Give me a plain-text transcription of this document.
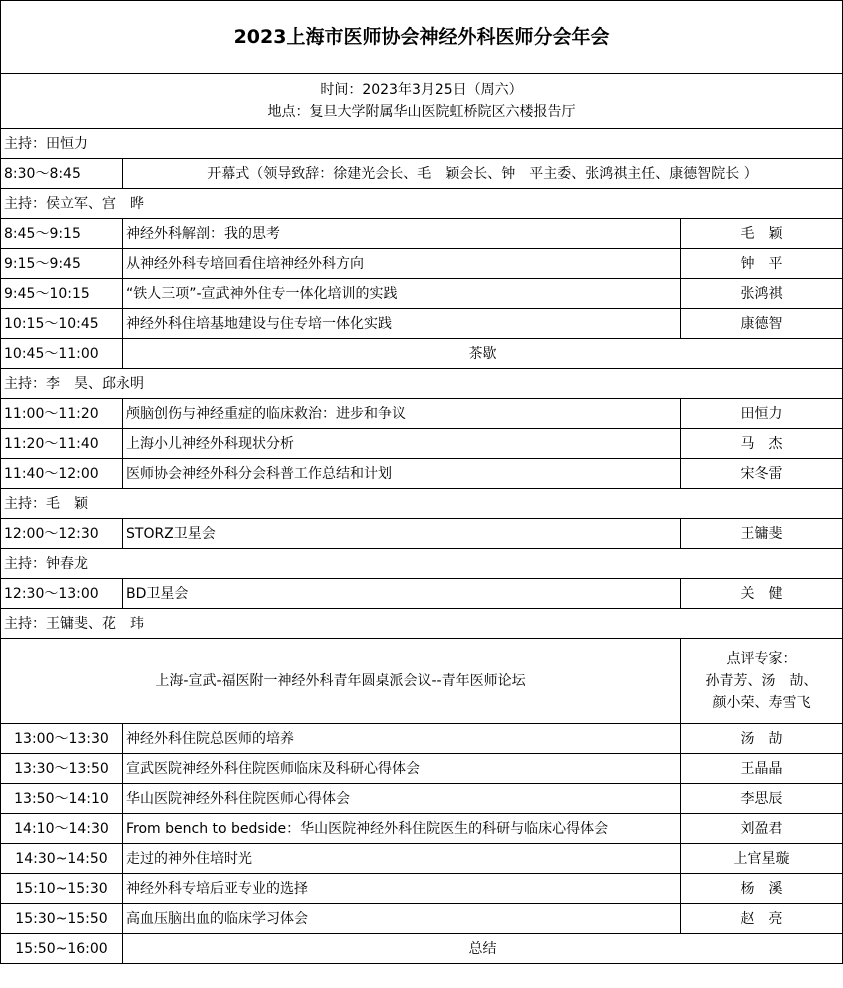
2023上海市医师协会神经外科医师分会年会		

时间：2023年3月25日（周六）
地点：复旦大学附属华山医院虹桥院区六楼报告厅		

主持：田恒力		
8:30～8:45	开幕式（领导致辞：徐建光会长、毛　颖会长、钟　平主委、张鸿祺主任、康德智院长 ）	
主持：侯立军、宫　晔		
8:45～9:15	神经外科解剖：我的思考	毛　颖
9:15～9:45	从神经外科专培回看住培神经外科方向	钟　平
9:45～10:15	“铁人三项”-宣武神外住专一体化培训的实践	张鸿祺
10:15～10:45	神经外科住培基地建设与住专培一体化实践	康德智
10:45～11:00	茶歇	
主持：李　昊、邱永明		
11:00～11:20	颅脑创伤与神经重症的临床救治：进步和争议	田恒力
11:20～11:40	上海小儿神经外科现状分析	马　杰
11:40～12:00	医师协会神经外科分会科普工作总结和计划	宋冬雷
主持：毛　颖		
12:00～12:30	STORZ卫星会	王镛斐
主持：钟春龙		
12:30～13:00	BD卫星会	关　健
主持：王镛斐、花　玮		
上海-宣武-福医附一神经外科青年圆桌派会议--青年医师论坛		点评专家：
孙青芳、汤　劼、
颜小荣、寿雪飞

13:00～13:30	神经外科住院总医师的培养	汤　劼
13:30～13:50	宣武医院神经外科住院医师临床及科研心得体会	王晶晶
13:50～14:10	华山医院神经外科住院医师心得体会	李思辰
14:10～14:30	From bench to bedside：华山医院神经外科住院医生的科研与临床心得体会	刘盈君
14:30~14:50	走过的神外住培时光	上官星璇
15:10~15:30	神经外科专培后亚专业的选择	杨　溪
15:30~15:50	高血压脑出血的临床学习体会	赵　亮
15:50~16:00	总结	
